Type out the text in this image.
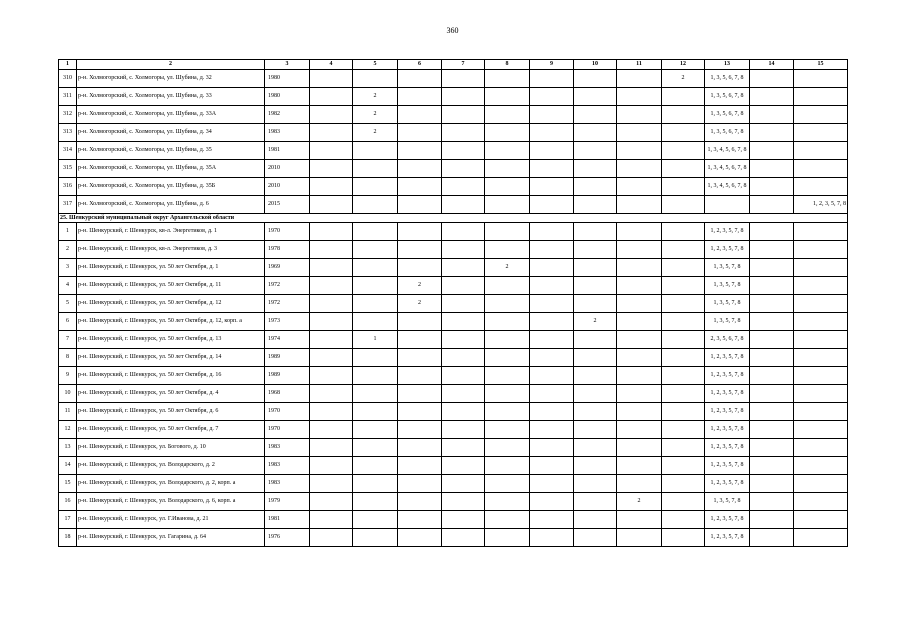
360
1	2	3	4	5	6	7	8	9	10	11	12	13	14	15
310	р-н. Холмогорский, с. Холмогоры, ул. Шубина, д. 32	1980									2	1, 3, 5, 6, 7, 8		
311	р-н. Холмогорский, с. Холмогоры, ул. Шубина, д. 33	1980		2								1, 3, 5, 6, 7, 8		
312	р-н. Холмогорский, с. Холмогоры, ул. Шубина, д. 33А	1982		2								1, 3, 5, 6, 7, 8		
313	р-н. Холмогорский, с. Холмогоры, ул. Шубина, д. 34	1983		2								1, 3, 5, 6, 7, 8		
314	р-н. Холмогорский, с. Холмогоры, ул. Шубина, д. 35	1981										1, 3, 4, 5, 6, 7, 8		
315	р-н. Холмогорский, с. Холмогоры, ул. Шубина, д. 35А	2010										1, 3, 4, 5, 6, 7, 8		
316	р-н. Холмогорский, с. Холмогоры, ул. Шубина, д. 35Б	2010										1, 3, 4, 5, 6, 7, 8		
317	р-н. Холмогорский, с. Холмогоры, ул. Шубина, д. 6	2015												1, 2, 3, 5, 7, 8
25. Шенкурский муниципальный округ Архангельской области														
1	р-н. Шенкурский, г. Шенкурск, кв-л. Энергетиков, д. 1	1970										1, 2, 3, 5, 7, 8		
2	р-н. Шенкурский, г. Шенкурск, кв-л. Энергетиков, д. 3	1978										1, 2, 3, 5, 7, 8		
3	р-н. Шенкурский, г. Шенкурск, ул. 50 лет Октября, д. 1	1969					2					1, 3, 5, 7, 8		
4	р-н. Шенкурский, г. Шенкурск, ул. 50 лет Октября, д. 11	1972			2							1, 3, 5, 7, 8		
5	р-н. Шенкурский, г. Шенкурск, ул. 50 лет Октября, д. 12	1972			2							1, 3, 5, 7, 8		
6	р-н. Шенкурский, г. Шенкурск, ул. 50 лет Октября, д. 12, корп. а	1973							2			1, 3, 5, 7, 8		
7	р-н. Шенкурский, г. Шенкурск, ул. 50 лет Октября, д. 13	1974		1								2, 3, 5, 6, 7, 8		
8	р-н. Шенкурский, г. Шенкурск, ул. 50 лет Октября, д. 14	1989										1, 2, 3, 5, 7, 8		
9	р-н. Шенкурский, г. Шенкурск, ул. 50 лет Октября, д. 16	1989										1, 2, 3, 5, 7, 8		
10	р-н. Шенкурский, г. Шенкурск, ул. 50 лет Октября, д. 4	1968										1, 2, 3, 5, 7, 8		
11	р-н. Шенкурский, г. Шенкурск, ул. 50 лет Октября, д. 6	1970										1, 2, 3, 5, 7, 8		
12	р-н. Шенкурский, г. Шенкурск, ул. 50 лет Октября, д. 7	1970										1, 2, 3, 5, 7, 8		
13	р-н. Шенкурский, г. Шенкурск, ул. Богового, д. 10	1983										1, 2, 3, 5, 7, 8		
14	р-н. Шенкурский, г. Шенкурск, ул. Володарского, д. 2	1983										1, 2, 3, 5, 7, 8		
15	р-н. Шенкурский, г. Шенкурск, ул. Володарского, д. 2, корп. а	1983										1, 2, 3, 5, 7, 8		
16	р-н. Шенкурский, г. Шенкурск, ул. Володарского, д. 6, корп. а	1979								2		1, 3, 5, 7, 8		
17	р-н. Шенкурский, г. Шенкурск, ул. Г.Иванова, д. 21	1981										1, 2, 3, 5, 7, 8		
18	р-н. Шенкурский, г. Шенкурск, ул. Гагарина, д. 64	1976										1, 2, 3, 5, 7, 8		
